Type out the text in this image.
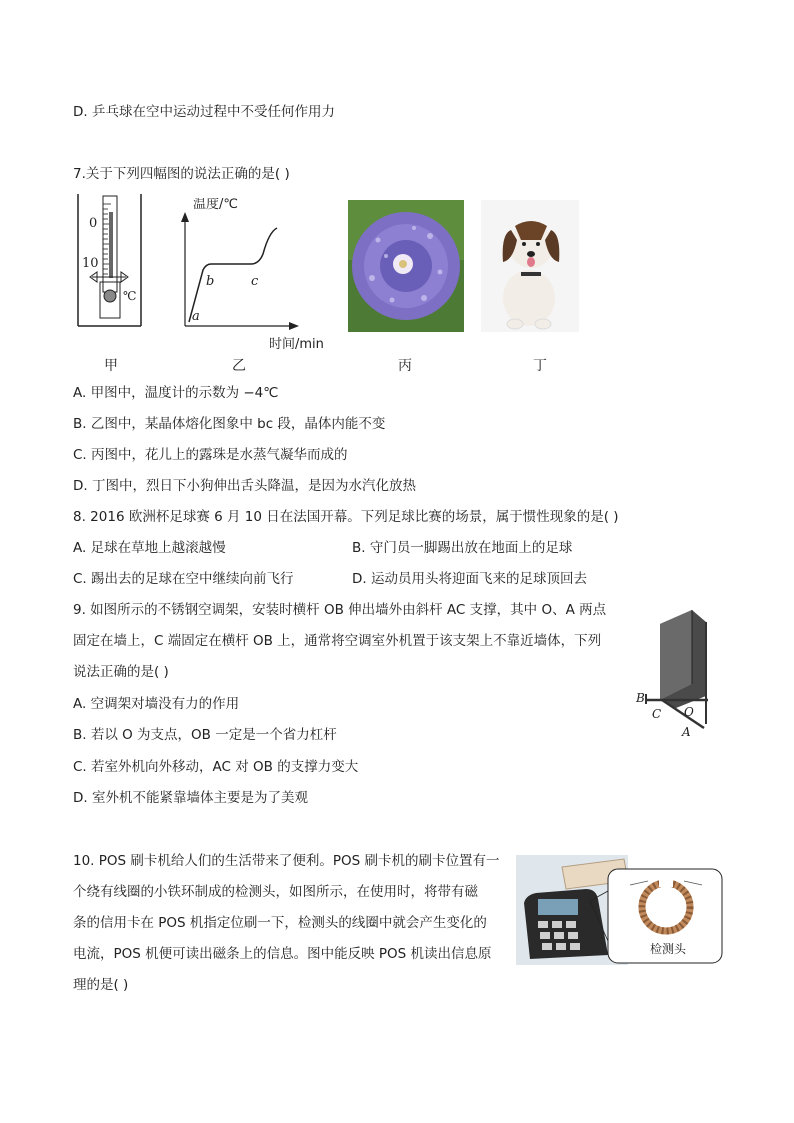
D. 乒乓球在空中运动过程中不受任何作用力
7.关于下列四幅图的说法正确的是( )
0
10
℃
温度/℃
时间/min
a
b	c
甲	乙	丙	丁
A. 甲图中，温度计的示数为 −4℃
B. 乙图中，某晶体熔化图象中 bc 段，晶体内能不变
C. 丙图中，花儿上的露珠是水蒸气凝华而成的
D. 丁图中，烈日下小狗伸出舌头降温，是因为水汽化放热
8. 2016 欧洲杯足球赛 6 月 10 日在法国开幕。下列足球比赛的场景，属于惯性现象的是( )
A. 足球在草地上越滚越慢	B. 守门员一脚踢出放在地面上的足球
C. 踢出去的足球在空中继续向前飞行	D. 运动员用头将迎面飞来的足球顶回去
9. 如图所示的不锈钢空调架，安装时横杆 OB 伸出墙外由斜杆 AC 支撑，其中 O、A 两点
固定在墙上，C 端固定在横杆 OB 上，通常将空调室外机置于该支架上不靠近墙体，下列
说法正确的是( )
A. 空调架对墙没有力的作用
B. 若以 O 为支点，OB 一定是一个省力杠杆
C. 若室外机向外移动，AC 对 OB 的支撑力变大
D. 室外机不能紧靠墙体主要是为了美观
B
C O
A
10. POS 刷卡机给人们的生活带来了便利。POS 刷卡机的刷卡位置有一
个绕有线圈的小铁环制成的检测头，如图所示，在使用时，将带有磁
条的信用卡在 POS 机指定位刷一下，检测头的线圈中就会产生变化的
电流，POS 机便可读出磁条上的信息。图中能反映 POS 机读出信息原
理的是( )
检测头
